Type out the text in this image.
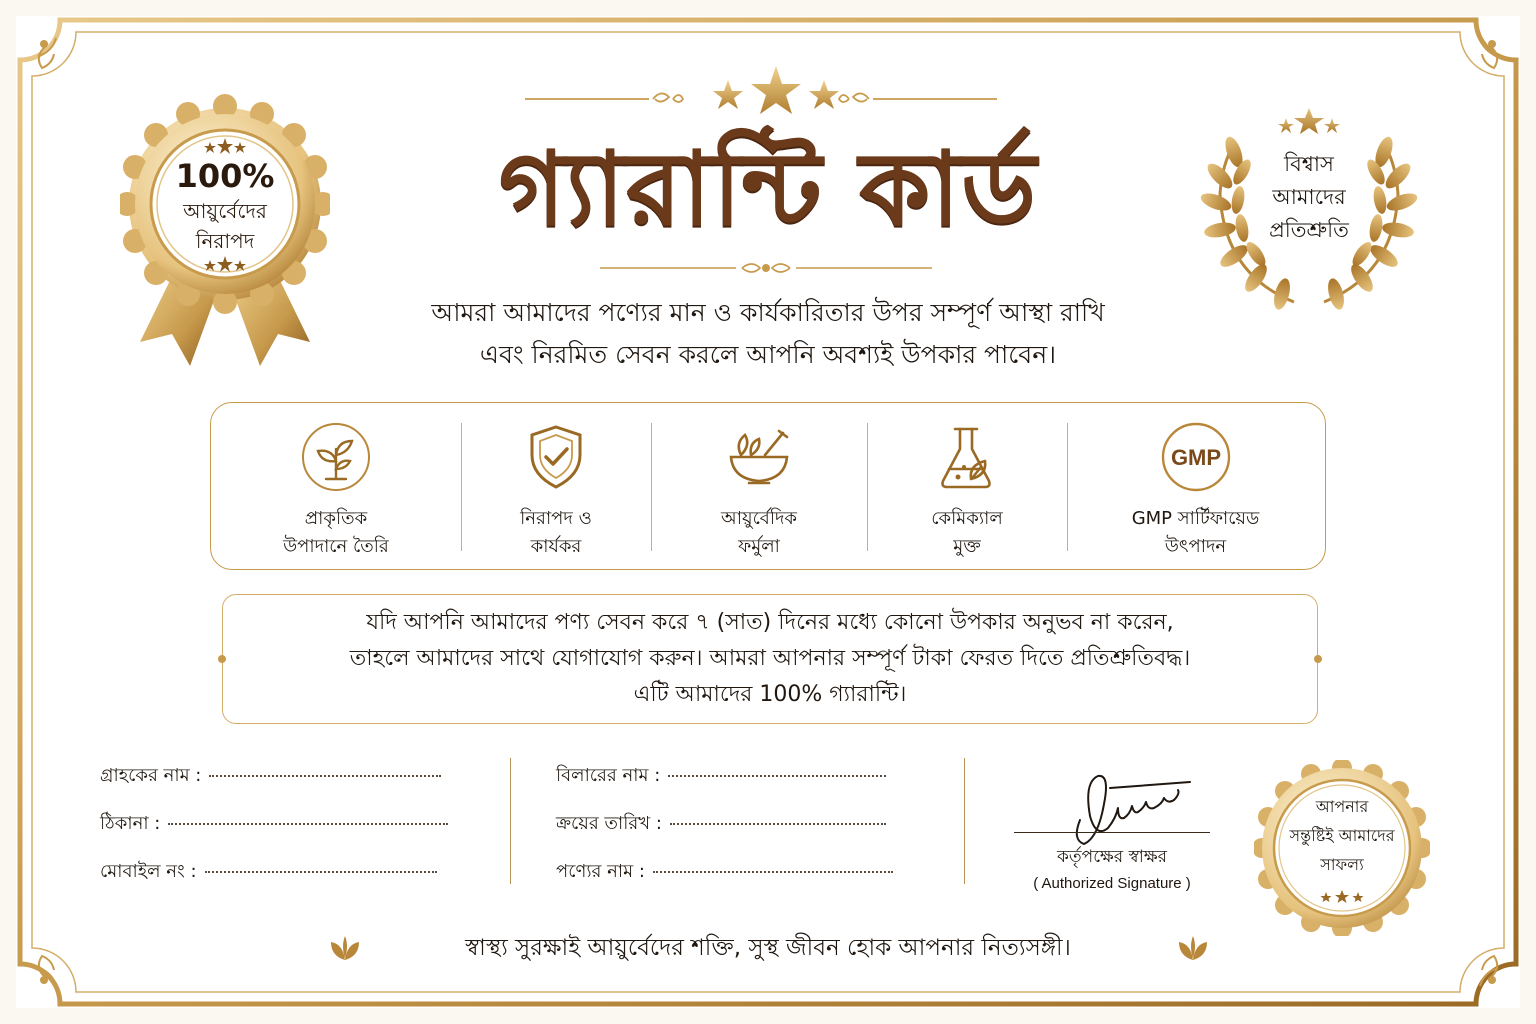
গ্যারান্টি কার্ড
আমরা আমাদের পণ্যের মান ও কার্যকারিতার উপর সম্পূর্ণ আস্থা রাখি
এবং নিরমিত সেবন করলে আপনি অবশ্যই উপকার পাবেন।
100%
আয়ুর্বেদের
নিরাপদ
বিশ্বাস
আমাদের
প্রতিশ্রুতি
প্রাকৃতিক
উপাদানে তৈরি
নিরাপদ ও
কার্যকর
আয়ুর্বেদিক
ফর্মুলা
কেমিক্যাল
মুক্ত
GMP
GMP সার্টিফায়েড
উৎপাদন
যদি আপনি আমাদের পণ্য সেবন করে ৭ (সাত) দিনের মধ্যে কোনো উপকার অনুভব না করেন,
তাহলে আমাদের সাথে যোগাযোগ করুন। আমরা আপনার সম্পূর্ণ টাকা ফেরত দিতে প্রতিশ্রুতিবদ্ধ।
এটি আমাদের 100% গ্যারান্টি।
গ্রাহকের নাম :
ঠিকানা :
মোবাইল নং :
বিলারের নাম :
ক্রয়ের তারিখ :
পণ্যের নাম :
কর্তৃপক্ষের স্বাক্ষর
( Authorized Signature )
আপনার
সন্তুষ্টিই আমাদের
সাফল্য
স্বাস্থ্য সুরক্ষাই আয়ুর্বেদের শক্তি, সুস্থ জীবন হোক আপনার নিত্যসঙ্গী।
